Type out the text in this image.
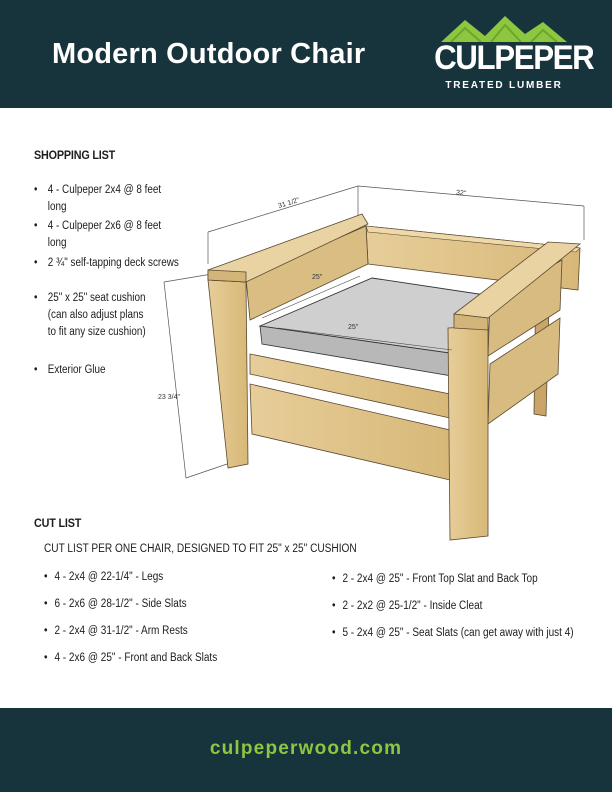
Modern Outdoor Chair CULPEPER
TREATED LUMBER
SHOPPING LIST
• 4 - Culpeper 2x4 @ 8 feet long
• 4 - Culpeper 2x6 @ 8 feet long
• 2 ¾" self-tapping deck screws
• 25" x 25" seat cushion
(can also adjust plans
to fit any size cushion)
• Exterior Glue
31 1/2"
32"
25"
25"
23 3/4"
CUT LIST
CUT LIST PER ONE CHAIR, DESIGNED TO FIT 25" x 25" CUSHION
• 4 - 2x4 @ 22-1/4" - Legs
• 6 - 2x6 @ 28-1/2" - Side Slats
• 2 - 2x4 @ 31-1/2" - Arm Rests
• 4 - 2x6 @ 25" - Front and Back Slats
• 2 - 2x4 @ 25" - Front Top Slat and Back Top
• 2 - 2x2 @ 25-1/2" - Inside Cleat
• 5 - 2x4 @ 25" - Seat Slats (can get away with just 4)
culpeperwood.com
